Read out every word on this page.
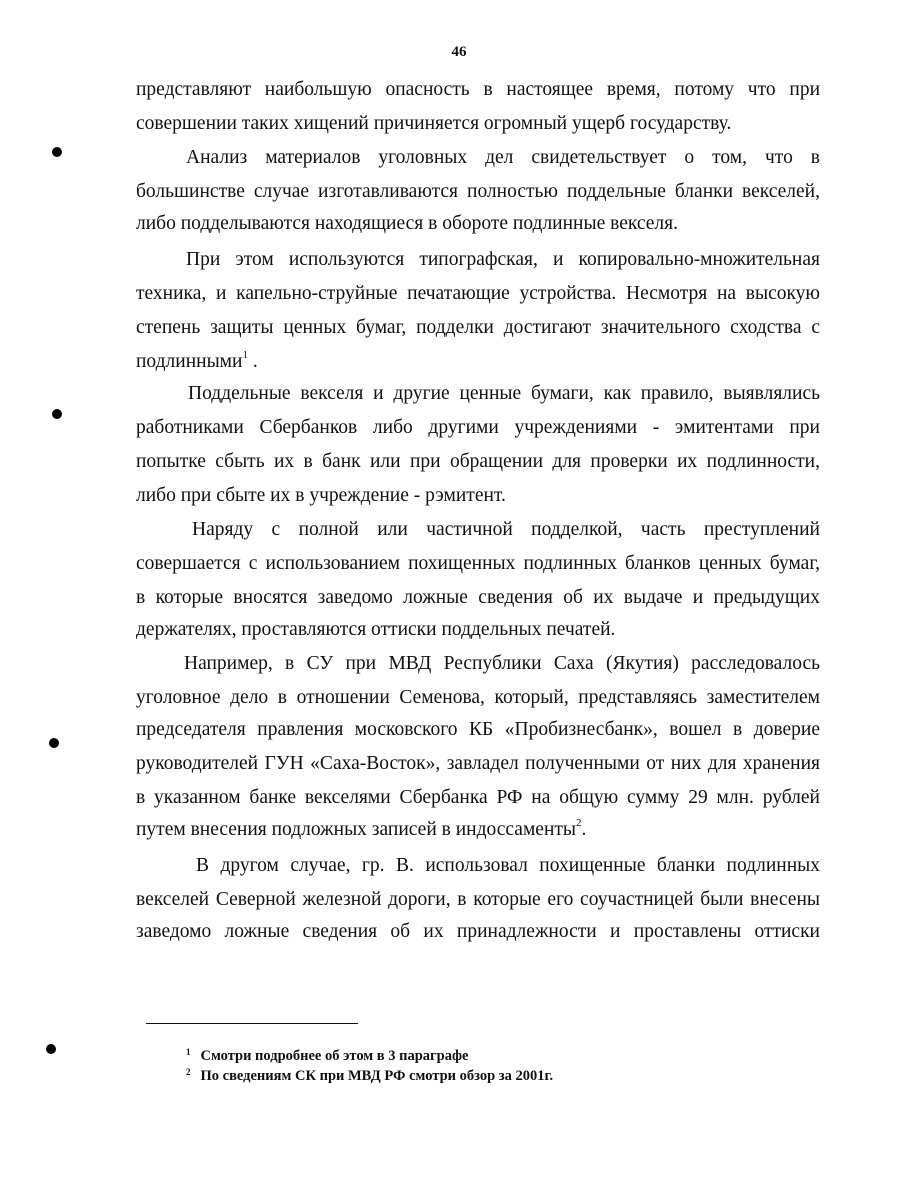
46
представляют наибольшую опасность в настоящее время, потому что при
совершении таких хищений причиняется огромный ущерб государству.
Анализ материалов уголовных дел свидетельствует о том, что в
большинстве случае изготавливаются полностью поддельные бланки векселей,
либо подделываются находящиеся в обороте подлинные векселя.
При этом используются типографская, и копировально-множительная
техника, и капельно-струйные печатающие устройства. Несмотря на высокую
степень защиты ценных бумаг, подделки достигают значительного сходства с
подлинными$^1$ .
Поддельные векселя и другие ценные бумаги, как правило, выявлялись
работниками Сбербанков либо другими учреждениями - эмитентами при
попытке сбыть их в банк или при обращении для проверки их подлинности,
либо при сбыте их в учреждение - рэмитент.
Наряду с полной или частичной подделкой, часть преступлений
совершается с использованием похищенных подлинных бланков ценных бумаг,
в которые вносятся заведомо ложные сведения об их выдаче и предыдущих
держателях, проставляются оттиски поддельных печатей.
Например, в СУ при МВД Республики Саха (Якутия) расследовалось
уголовное дело в отношении Семенова, который, представляясь заместителем
председателя правления московского КБ «Пробизнесбанк», вошел в доверие
руководителей ГУН «Саха-Восток», завладел полученными от них для хранения
в указанном банке векселями Сбербанка РФ на общую сумму 29 млн. рублей
путем внесения подложных записей в индоссаменты$^2$.
В другом случае, гр. В. использовал похищенные бланки подлинных
векселей Северной железной дороги, в которые его соучастницей были внесены
заведомо ложные сведения об их принадлежности и проставлены оттиски
$^1$ Смотри подробнее об этом в 3 параграфе
$^2$ По сведениям СК при МВД РФ смотри обзор за 2001г.
